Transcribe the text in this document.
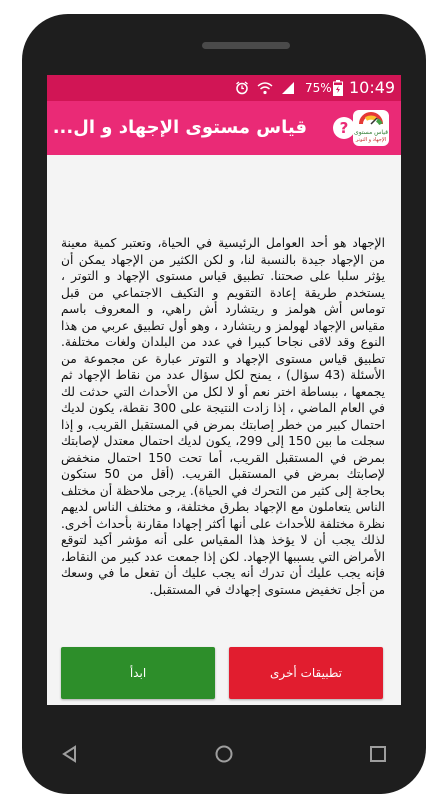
75% 10:49
?
قياس مستوى الإجهاد و ال...	قياس مستوى
الإجهاد و التوتر
الإجهاد هو أحد العوامل الرئيسية في الحياة، وتعتبر كمية معينة من الإجهاد جيدة بالنسبة لنا، و لكن الكثير من الإجهاد يمكن أن يؤثر سلبا على صحتنا. تطبيق قياس مستوى الإجهاد و التوتر ، يستخدم طريقة إعادة التقويم و التكيف الاجتماعي من قبل توماس أش هولمز و ريتشارد أش راهي، و المعروف باسم مقياس الإجهاد لهولمز و ريتشارد ، وهو أول تطبيق عربي من هذا النوع وقد لاقى نجاحا كبيرا في عدد من البلدان ولغات مختلفة. تطبيق قياس مستوى الإجهاد و التوتر عبارة عن مجموعة من الأسئلة (43 سؤال) ، يمنح لكل سؤال عدد من نقاط الإجهاد ثم يجمعها ، ببساطة اختر نعم أو لا لكل من الأحداث التي حدثت لك في العام الماضي ، إذا زادت النتيجة على 300 نقطة، يكون لديك احتمال كبير من خطر إصابتك بمرض في المستقبل القريب، و إذا سجلت ما بين 150 إلى 299، يكون لديك احتمال معتدل لإصابتك بمرض في المستقبل القريب، أما تحت 150 احتمال منخفض لإصابتك بمرض في المستقبل القريب. (أقل من 50 ستكون بحاجة إلى كثير من التحرك في الحياة). يرجى ملاحظة أن مختلف الناس يتعاملون مع الإجهاد بطرق مختلفة، و مختلف الناس لديهم نظرة مختلفة للأحداث على أنها أكثر إجهادا مقارنة بأحداث أخرى. لذلك يجب أن لا يؤخذ هذا المقياس على أنه مؤشر أكيد لتوقع الأمراض التي يسببها الإجهاد. لكن إذا جمعت عدد كبير من النقاط، فإنه يجب عليك أن تدرك أنه يجب عليك أن تفعل ما في وسعك من أجل تخفيض مستوى إجهادك في المستقبل.
ابدأ	تطبيقات أخرى
